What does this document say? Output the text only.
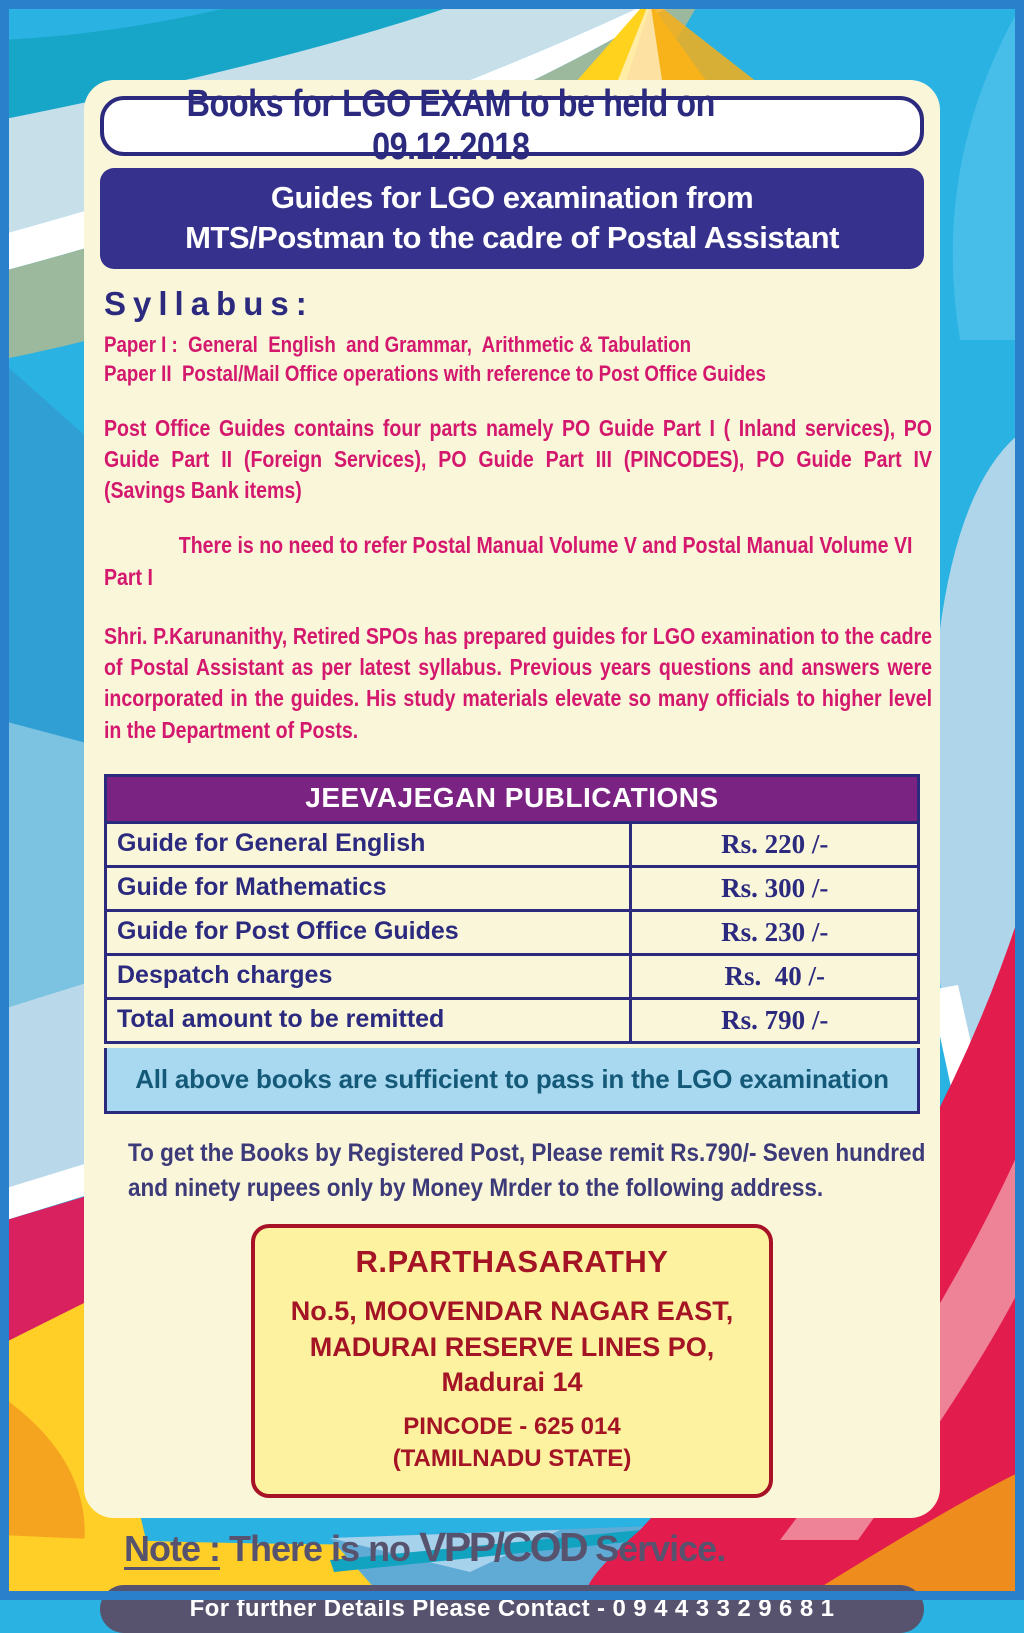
Books for LGO EXAM to be held on 09.12.2018
Guides for LGO examination from
MTS/Postman to the cadre of Postal Assistant
Syllabus:
Paper I :  General  English  and Grammar,  Arithmetic & Tabulation
Paper II  Postal/Mail Office operations with reference to Post Office Guides
Post Office Guides contains four parts namely PO Guide Part I ( Inland services), PO Guide Part II (Foreign Services), PO Guide Part III (PINCODES), PO Guide Part IV (Savings Bank items)
There is no need to refer Postal Manual Volume V and Postal Manual Volume VI Part I
Shri. P.Karunanithy, Retired SPOs has prepared guides for LGO examination to the cadre of Postal Assistant as per latest syllabus. Previous years questions and answers were incorporated in the guides. His study materials elevate so many officials to higher level in the Department of Posts.
JEEVAJEGAN PUBLICATIONS
Guide for General English	Rs. 220 /-
Guide for Mathematics	Rs. 300 /-
Guide for Post Office Guides	Rs. 230 /-
Despatch charges	Rs.  40 /-
Total amount to be remitted	Rs. 790 /-
All above books are sufficient to pass in the LGO examination
To get the Books by Registered Post, Please remit Rs.790/- Seven hundred and ninety rupees only by Money Mrder to the following address.
R.PARTHASARATHY
No.5, MOOVENDAR NAGAR EAST,
MADURAI RESERVE LINES PO,
Madurai 14
PINCODE - 625 014
(TAMILNADU STATE)
Note : There is no VPP/COD Service.
For further Details Please Contact - 0 9 4 4 3 3 2 9 6 8 1
